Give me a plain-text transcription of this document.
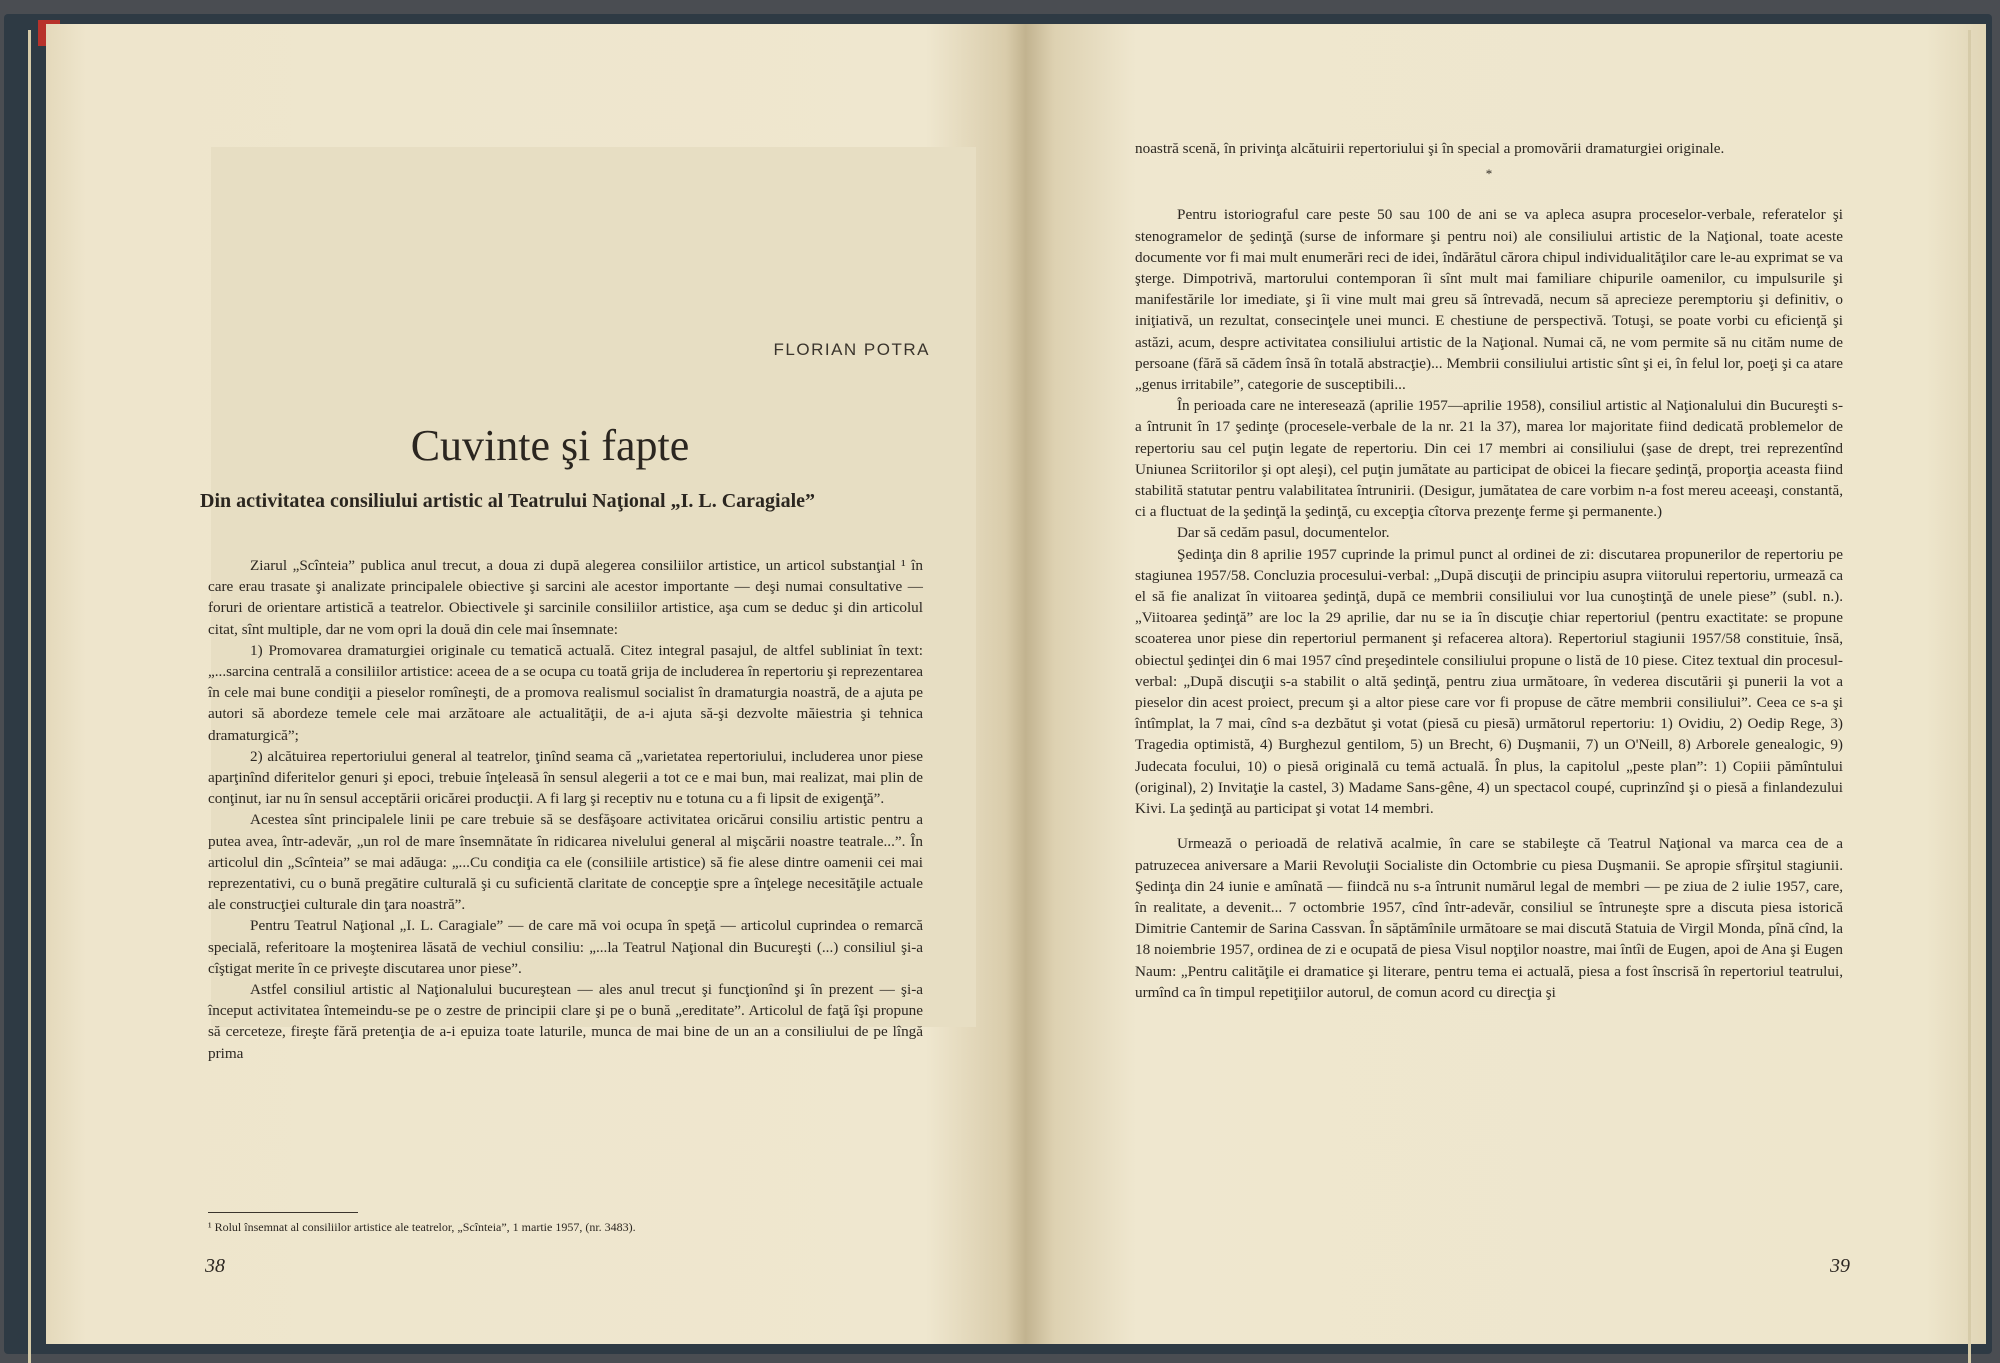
FLORIAN POTRA
Cuvinte şi fapte
Din activitatea consiliului artistic al Teatrului Naţional „I. L. Caragiale”

Ziarul „Scînteia” publica anul trecut, a doua zi după alegerea consiliilor artistice, un articol substanţial ¹ în care erau trasate şi analizate principalele obiective şi sarcini ale acestor importante — deşi numai consultative — foruri de orientare artistică a teatrelor. Obiectivele şi sarcinile consiliilor artistice, aşa cum se deduc şi din articolul citat, sînt multiple, dar ne vom opri la două din cele mai însemnate:

1) Promovarea dramaturgiei originale cu tematică actuală. Citez integral pasajul, de altfel subliniat în text: „...sarcina centrală a consiliilor artistice: aceea de a se ocupa cu toată grija de includerea în repertoriu şi reprezentarea în cele mai bune condiţii a pieselor romîneşti, de a promova realismul socialist în dramaturgia noastră, de a ajuta pe autori să abordeze temele cele mai arzătoare ale actualităţii, de a-i ajuta să-şi dezvolte măiestria şi tehnica dramaturgică”;

2) alcătuirea repertoriului general al teatrelor, ţinînd seama că „varietatea repertoriului, includerea unor piese aparţinînd diferitelor genuri şi epoci, trebuie înţeleasă în sensul alegerii a tot ce e mai bun, mai realizat, mai plin de conţinut, iar nu în sensul acceptării oricărei producţii. A fi larg şi receptiv nu e totuna cu a fi lipsit de exigenţă”.

Acestea sînt principalele linii pe care trebuie să se desfăşoare activitatea oricărui consiliu artistic pentru a putea avea, într-adevăr, „un rol de mare însemnătate în ridicarea nivelului general al mişcării noastre teatrale...”. În articolul din „Scînteia” se mai adăuga: „...Cu condiţia ca ele (consiliile artistice) să fie alese dintre oamenii cei mai reprezentativi, cu o bună pregătire culturală şi cu suficientă claritate de concepţie spre a înţelege necesităţile actuale ale construcţiei culturale din ţara noastră”.

Pentru Teatrul Naţional „I. L. Caragiale” — de care mă voi ocupa în speţă — articolul cuprindea o remarcă specială, referitoare la moştenirea lăsată de vechiul consiliu: „...la Teatrul Naţional din Bucureşti (...) consiliul şi-a cîştigat merite în ce priveşte discutarea unor piese”.

Astfel consiliul artistic al Naţionalului bucureştean — ales anul trecut şi funcţionînd şi în prezent — şi-a început activitatea întemeindu-se pe o zestre de principii clare şi pe o bună „ereditate”. Articolul de faţă îşi propune să cerceteze, fireşte fără pretenţia de a-i epuiza toate laturile, munca de mai bine de un an a consiliului de pe lîngă prima

¹ Rolul însemnat al consiliilor artistice ale teatrelor, „Scînteia”, 1 martie 1957, (nr. 3483).

38

noastră scenă, în privinţa alcătuirii repertoriului şi în special a promovării dramaturgiei originale.

*

Pentru istoriograful care peste 50 sau 100 de ani se va apleca asupra proceselor-verbale, referatelor şi stenogramelor de şedinţă (surse de informare şi pentru noi) ale consiliului artistic de la Naţional, toate aceste documente vor fi mai mult enumerări reci de idei, îndărătul cărora chipul individualităţilor care le-au exprimat se va şterge. Dimpotrivă, martorului contemporan îi sînt mult mai familiare chipurile oamenilor, cu impulsurile şi manifestările lor imediate, şi îi vine mult mai greu să întrevadă, necum să aprecieze peremptoriu şi definitiv, o iniţiativă, un rezultat, consecinţele unei munci. E chestiune de perspectivă. Totuşi, se poate vorbi cu eficienţă şi astăzi, acum, despre activitatea consiliului artistic de la Naţional. Numai că, ne vom permite să nu cităm nume de persoane (fără să cădem însă în totală abstracţie)... Membrii consiliului artistic sînt şi ei, în felul lor, poeţi şi ca atare „genus irritabile”, categorie de susceptibili...

În perioada care ne interesează (aprilie 1957—aprilie 1958), consiliul artistic al Naţionalului din Bucureşti s-a întrunit în 17 şedinţe (procesele-verbale de la nr. 21 la 37), marea lor majoritate fiind dedicată problemelor de repertoriu sau cel puţin legate de repertoriu. Din cei 17 membri ai consiliului (şase de drept, trei reprezentînd Uniunea Scriitorilor şi opt aleşi), cel puţin jumătate au participat de obicei la fiecare şedinţă, proporţia aceasta fiind stabilită statutar pentru valabilitatea întrunirii. (Desigur, jumătatea de care vorbim n-a fost mereu aceeaşi, constantă, ci a fluctuat de la şedinţă la şedinţă, cu excepţia cîtorva prezenţe ferme şi permanente.)

Dar să cedăm pasul, documentelor.

Şedinţa din 8 aprilie 1957 cuprinde la primul punct al ordinei de zi: discutarea propunerilor de repertoriu pe stagiunea 1957/58. Concluzia procesului-verbal: „După discuţii de principiu asupra viitorului repertoriu, urmează ca el să fie analizat în viitoarea şedinţă, după ce membrii consiliului vor lua cunoştinţă de unele piese” (subl. n.). „Viitoarea şedinţă” are loc la 29 aprilie, dar nu se ia în discuţie chiar repertoriul (pentru exactitate: se propune scoaterea unor piese din repertoriul permanent şi refacerea altora). Repertoriul stagiunii 1957/58 constituie, însă, obiectul şedinţei din 6 mai 1957 cînd preşedintele consiliului propune o listă de 10 piese. Citez textual din procesul-verbal: „După discuţii s-a stabilit o altă şedinţă, pentru ziua următoare, în vederea discutării şi punerii la vot a pieselor din acest proiect, precum şi a altor piese care vor fi propuse de către membrii consiliului”. Ceea ce s-a şi întîmplat, la 7 mai, cînd s-a dezbătut şi votat (piesă cu piesă) următorul repertoriu: 1) Ovidiu, 2) Oedip Rege, 3) Tragedia optimistă, 4) Burghezul gentilom, 5) un Brecht, 6) Duşmanii, 7) un O'Neill, 8) Arborele genealogic, 9) Judecata focului, 10) o piesă originală cu temă actuală. În plus, la capitolul „peste plan”: 1) Copiii pămîntului (original), 2) Invitaţie la castel, 3) Madame Sans-gêne, 4) un spectacol coupé, cuprinzînd şi o piesă a finlandezului Kivi. La şedinţă au participat şi votat 14 membri.

Urmează o perioadă de relativă acalmie, în care se stabileşte că Teatrul Naţional va marca cea de a patruzecea aniversare a Marii Revoluţii Socialiste din Octombrie cu piesa Duşmanii. Se apropie sfîrşitul stagiunii. Şedinţa din 24 iunie e amînată — fiindcă nu s-a întrunit numărul legal de membri — pe ziua de 2 iulie 1957, care, în realitate, a devenit... 7 octombrie 1957, cînd într-adevăr, consiliul se întruneşte spre a discuta piesa istorică Dimitrie Cantemir de Sarina Cassvan. În săptămînile următoare se mai discută Statuia de Virgil Monda, pînă cînd, la 18 noiembrie 1957, ordinea de zi e ocupată de piesa Visul nopţilor noastre, mai întîi de Eugen, apoi de Ana şi Eugen Naum: „Pentru calităţile ei dramatice şi literare, pentru tema ei actuală, piesa a fost înscrisă în repertoriul teatrului, urmînd ca în timpul repetiţiilor autorul, de comun acord cu direcţia şi

39
